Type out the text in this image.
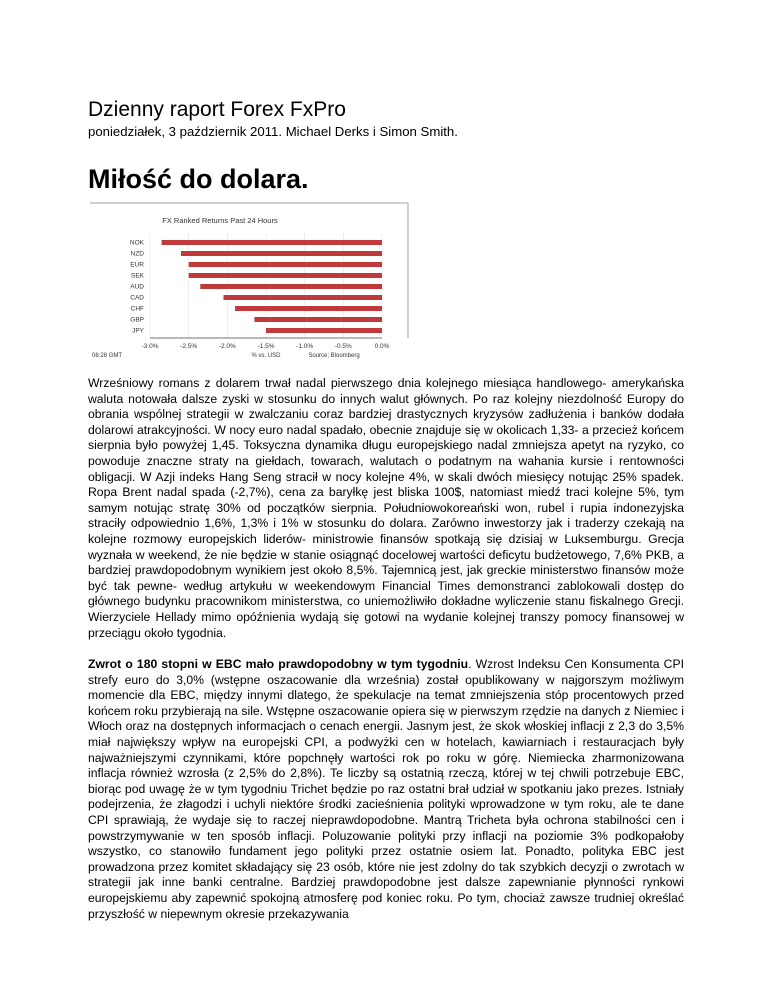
Dzienny raport Forex FxPro
poniedziałek, 3 październik 2011. Michael Derks i Simon Smith.
Miłość do dolara.
FX Ranked Returns Past 24 Hours
NOK
NZD
EUR
SEK
AUD
CAD
CHF
GBP
JPY
-3.0%	-2.5%	-2.0%	-1.5%	-1.0%	-0.5%	0.0%
06:28 GMT	% vs. USD	Source; Bloomberg

Wrześniowy romans z dolarem trwał nadal pierwszego dnia kolejnego miesiąca handlowego- amerykańska waluta notowała dalsze zyski w stosunku do innych walut głównych. Po raz kolejny niezdolność Europy do obrania wspólnej strategii w zwalczaniu coraz bardziej drastycznych kryzysów zadłużenia i banków dodała dolarowi atrakcyjności. W nocy euro nadal spadało, obecnie znajduje się w okolicach 1,33- a przecież końcem sierpnia było powyżej 1,45. Toksyczna dynamika długu europejskiego nadal zmniejsza apetyt na ryzyko, co powoduje znaczne straty na giełdach, towarach, walutach o podatnym na wahania kursie i rentowności obligacji. W Azji indeks Hang Seng stracił w nocy kolejne 4%, w skali dwóch miesięcy notując 25% spadek. Ropa Brent nadal spada (-2,7%), cena za baryłkę jest bliska 100$, natomiast miedź traci kolejne 5%, tym samym notując stratę 30% od początków sierpnia. Południowokoreański won, rubel i rupia indonezyjska straciły odpowiednio 1,6%, 1,3% i 1% w stosunku do dolara. Zarówno inwestorzy jak i traderzy czekają na kolejne rozmowy europejskich liderów- ministrowie finansów spotkają się dzisiaj w Luksemburgu. Grecja wyznała w weekend, że nie będzie w stanie osiągnąć docelowej wartości deficytu budżetowego, 7,6% PKB, a bardziej prawdopodobnym wynikiem jest około 8,5%. Tajemnicą jest, jak greckie ministerstwo finansów może być tak pewne- według artykułu w weekendowym Financial Times demonstranci zablokowali dostęp do głównego budynku pracownikom ministerstwa, co uniemożliwiło dokładne wyliczenie stanu fiskalnego Grecji. Wierzyciele Hellady mimo opóźnienia wydają się gotowi na wydanie kolejnej transzy pomocy finansowej w przeciągu około tygodnia.

Zwrot o 180 stopni w EBC mało prawdopodobny w tym tygodniu. Wzrost Indeksu Cen Konsumenta CPI strefy euro do 3,0% (wstępne oszacowanie dla września) został opublikowany w najgorszym możliwym momencie dla EBC, między innymi dlatego, że spekulacje na temat zmniejszenia stóp procentowych przed końcem roku przybierają na sile. Wstępne oszacowanie opiera się w pierwszym rzędzie na danych z Niemiec i Włoch oraz na dostępnych informacjach o cenach energii. Jasnym jest, że skok włoskiej inflacji z 2,3 do 3,5% miał największy wpływ na europejski CPI, a podwyżki cen w hotelach, kawiarniach i restauracjach były najważniejszymi czynnikami, które popchnęły wartości rok po roku w górę. Niemiecka zharmonizowana inflacja również wzrosła (z 2,5% do 2,8%). Te liczby są ostatnią rzeczą, której w tej chwili potrzebuje EBC, biorąc pod uwagę że w tym tygodniu Trichet będzie po raz ostatni brał udział w spotkaniu jako prezes. Istniały podejrzenia, że złagodzi i uchyli niektóre środki zacieśnienia polityki wprowadzone w tym roku, ale te dane CPI sprawiają, że wydaje się to raczej nieprawdopodobne. Mantrą Tricheta była ochrona stabilności cen i powstrzymywanie w ten sposób inflacji. Poluzowanie polityki przy inflacji na poziomie 3% podkopałoby wszystko, co stanowiło fundament jego polityki przez ostatnie osiem lat. Ponadto, polityka EBC jest prowadzona przez komitet składający się 23 osób, które nie jest zdolny do tak szybkich decyzji o zwrotach w strategii jak inne banki centralne. Bardziej prawdopodobne jest dalsze zapewnianie płynności rynkowi europejskiemu aby zapewnić spokojną atmosferę pod koniec roku. Po tym, chociaż zawsze trudniej określać przyszłość w niepewnym okresie przekazywania
